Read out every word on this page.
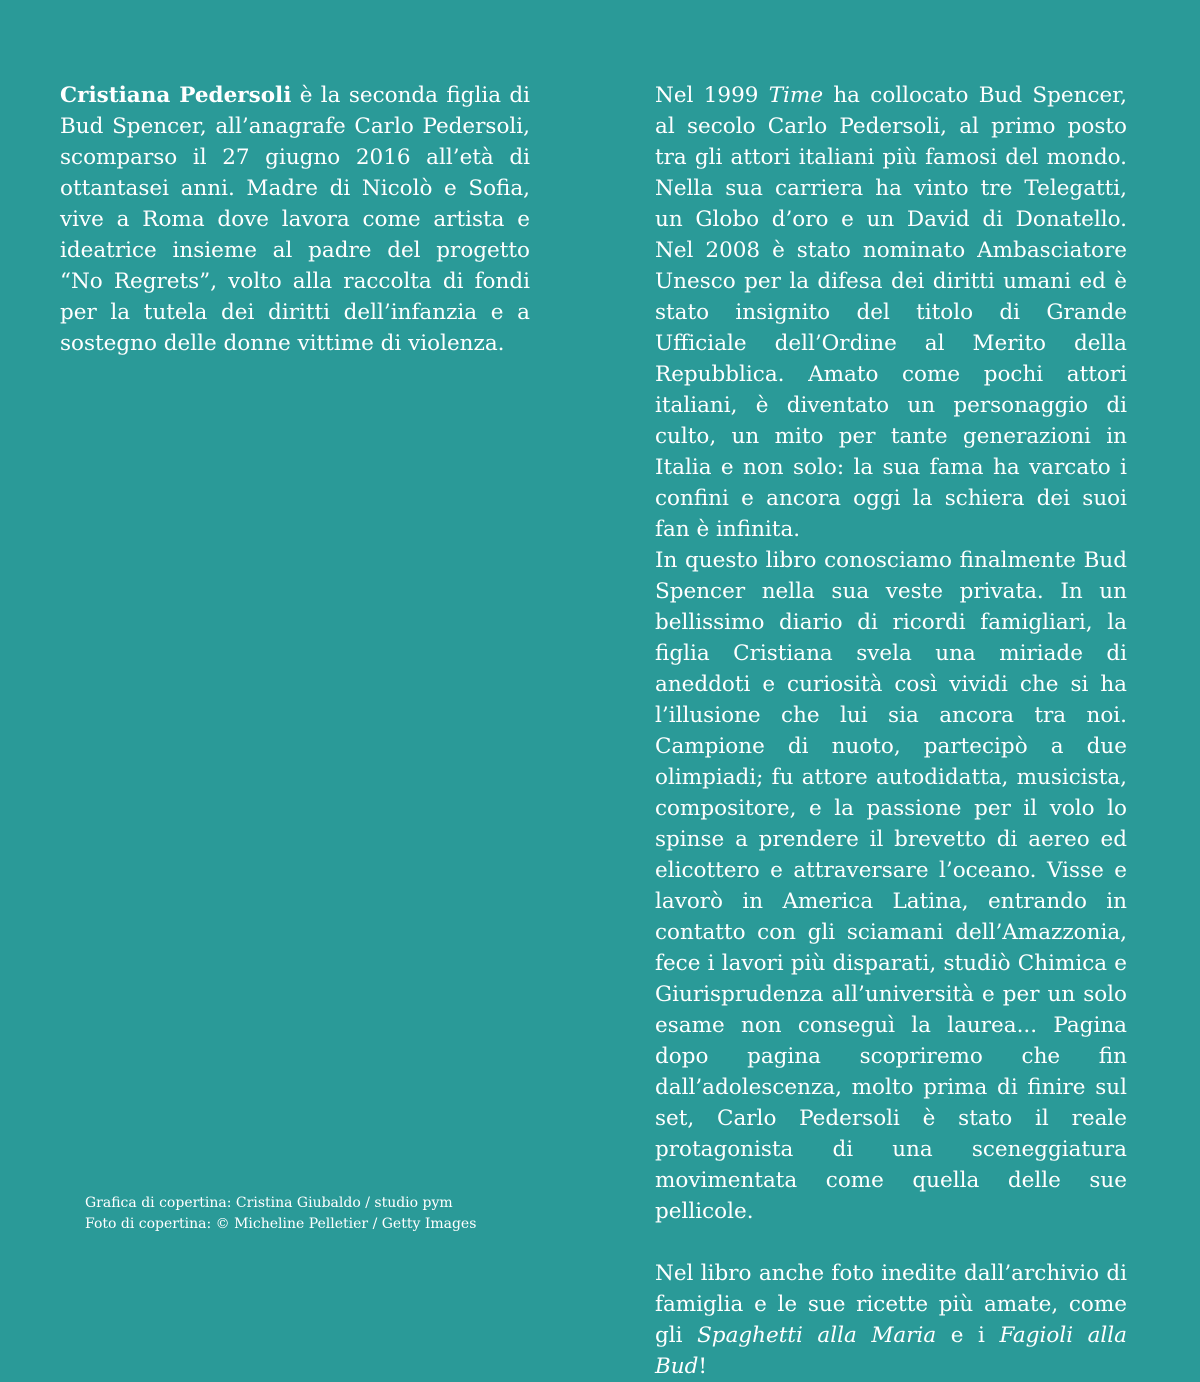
Cristiana Pedersoli è la seconda figlia di Bud Spencer, all’anagrafe Carlo Pedersoli, scomparso il 27 giugno 2016 all’età di ottantasei anni. Madre di Nicolò e Sofia, vive a Roma dove lavora come artista e ideatrice insieme al padre del progetto “No Regrets”, volto alla raccolta di fondi per la tutela dei diritti dell’infanzia e a sostegno delle donne vittime di violenza.

Nel 1999 Time ha collocato Bud Spencer, al secolo Carlo Pedersoli, al primo posto tra gli attori italiani più famosi del mondo. Nella sua carriera ha vinto tre Telegatti, un Globo d’oro e un David di Donatello. Nel 2008 è stato nominato Ambasciatore Unesco per la difesa dei diritti umani ed è stato insignito del titolo di Grande Ufficiale dell’Ordine al Merito della Repubblica. Amato come pochi attori italiani, è diventato un personaggio di culto, un mito per tante generazioni in Italia e non solo: la sua fama ha varcato i confini e ancora oggi la schiera dei suoi fan è infinita.

In questo libro conosciamo finalmente Bud Spencer nella sua veste privata. In un bellissimo diario di ricordi famigliari, la figlia Cristiana svela una miriade di aneddoti e curiosità così vividi che si ha l’illusione che lui sia ancora tra noi. Campione di nuoto, partecipò a due olimpiadi; fu attore autodidatta, musicista, compositore, e la passione per il volo lo spinse a prendere il brevetto di aereo ed elicottero e attraversare l’oceano. Visse e lavorò in America Latina, entrando in contatto con gli sciamani dell’Amazzonia, fece i lavori più disparati, studiò Chimica e Giurisprudenza all’università e per un solo esame non conseguì la laurea... Pagina dopo pagina scopriremo che fin dall’adolescenza, molto prima di finire sul set, Carlo Pedersoli è stato il reale protagonista di una sceneggiatura movimentata come quella delle sue pellicole.

Nel libro anche foto inedite dall’archivio di famiglia e le sue ricette più amate, come gli Spaghetti alla Maria e i Fagioli alla Bud!

Grafica di copertina: Cristina Giubaldo / studio pym
Foto di copertina: © Micheline Pelletier / Getty Images
